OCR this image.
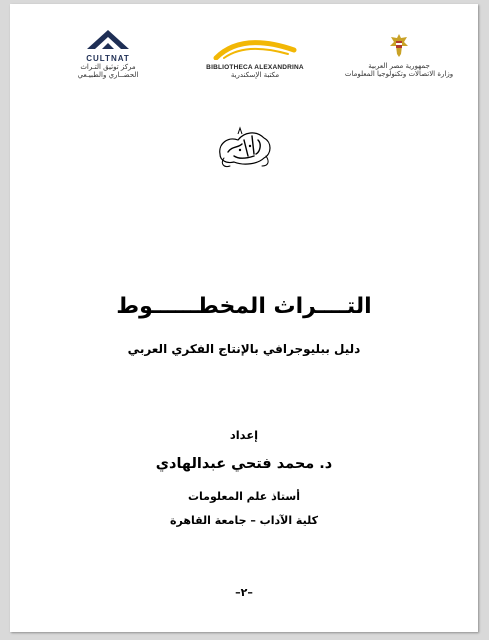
CULTNAT
مركز توثيق التـراث
الحضــاري والطبيـعي
BIBLIOTHECA ALEXANDRINA
مكتبة الإسكندرية
جمهورية مصر العربية
وزارة الاتصالات وتكنولوجيا المعلومات
التــــراث المخطــــــوط
دليل ببليوجرافي بالإنتاج الفكري العربي
إعداد
د. محمد فتحي عبدالهادي
أستاذ علم المعلومات
كلية الآداب – جامعة القاهرة
–٢–
